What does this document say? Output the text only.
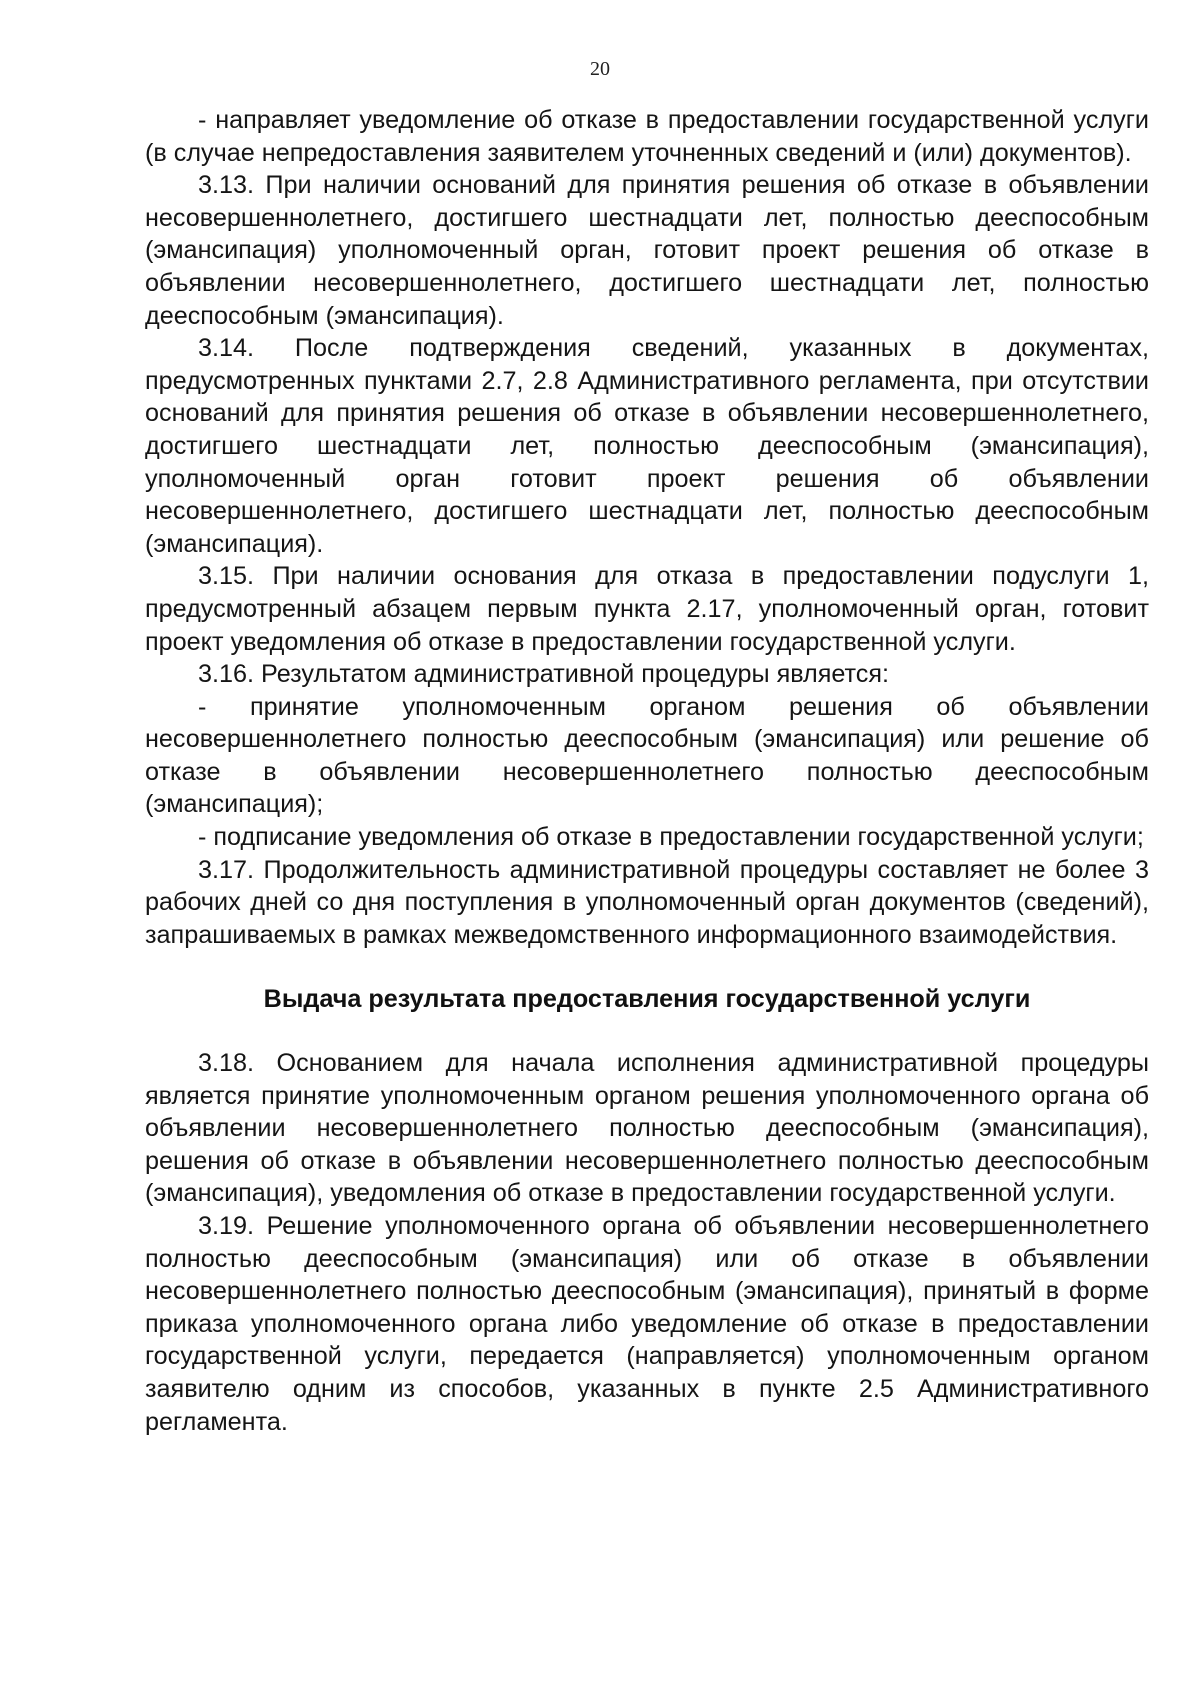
20

- направляет уведомление об отказе в предоставлении государственной услуги (в случае непредоставления заявителем уточненных сведений и (или) документов).

3.13. При наличии оснований для принятия решения об отказе в объявлении несовершеннолетнего, достигшего шестнадцати лет, полностью дееспособным (эмансипация) уполномоченный орган, готовит проект решения об отказе в объявлении несовершеннолетнего, достигшего шестнадцати лет, полностью дееспособным (эмансипация).

3.14. После подтверждения сведений, указанных в документах, предусмотренных пунктами 2.7, 2.8 Административного регламента, при отсутствии оснований для принятия решения об отказе в объявлении несовершеннолетнего, достигшего шестнадцати лет, полностью дееспособным (эмансипация), уполномоченный орган готовит проект решения об объявлении несовершеннолетнего, достигшего шестнадцати лет, полностью дееспособным (эмансипация).

3.15. При наличии основания для отказа в предоставлении подуслуги 1, предусмотренный абзацем первым пункта 2.17, уполномоченный орган, готовит проект уведомления об отказе в предоставлении государственной услуги.

3.16. Результатом административной процедуры является:

- принятие уполномоченным органом решения об объявлении несовершеннолетнего полностью дееспособным (эмансипация) или решение об отказе в объявлении несовершеннолетнего полностью дееспособным (эмансипация);

- подписание уведомления об отказе в предоставлении государственной услуги;

3.17. Продолжительность административной процедуры составляет не более 3 рабочих дней со дня поступления в уполномоченный орган документов (сведений), запрашиваемых в рамках межведомственного информационного взаимодействия.

Выдача результата предоставления государственной услуги

3.18. Основанием для начала исполнения административной процедуры является принятие уполномоченным органом решения уполномоченного органа об объявлении несовершеннолетнего полностью дееспособным (эмансипация), решения об отказе в объявлении несовершеннолетнего полностью дееспособным (эмансипация), уведомления об отказе в предоставлении государственной услуги.

3.19. Решение уполномоченного органа об объявлении несовершеннолетнего полностью дееспособным (эмансипация) или об отказе в объявлении несовершеннолетнего полностью дееспособным (эмансипация), принятый в форме приказа уполномоченного органа либо уведомление об отказе в предоставлении государственной услуги, передается (направляется) уполномоченным органом заявителю одним из способов, указанных в пункте 2.5 Административного регламента.
